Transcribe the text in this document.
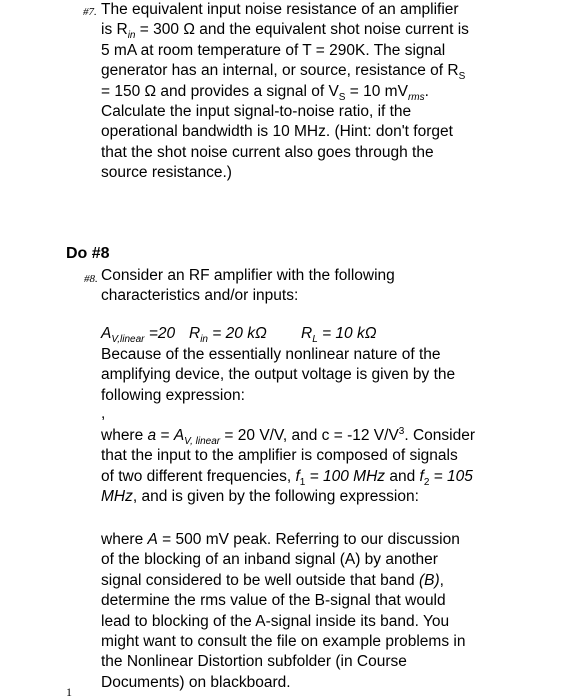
#7. The equivalent input noise resistance of an amplifier
is $R_{in} = 300$ Ω and the equivalent shot noise current is
5 mA at room temperature of T = 290K. The signal
generator has an internal, or source, resistance of $R_S$
= 150 Ω and provides a signal of $V_S = 10$ $mV_{rms}$.
Calculate the input signal-to-noise ratio, if the
operational bandwidth is 10 MHz. (Hint: don't forget
that the shot noise current also goes through the
source resistance.)
Do #8
#8. Consider an RF amplifier with the following
characteristics and/or inputs:
$A_{V,linear} =20$ $R_{in} = 20$ kΩ $R_L = 10$ kΩ
Because of the essentially nonlinear nature of the
amplifying device, the output voltage is given by the
following expression:
,
where $a = A_{V, linear} = 20$ V/V, and c = -12 $V/V^3$. Consider
that the input to the amplifier is composed of signals
of two different frequencies, $f_1 = 100$ MHz and $f_2 = 105$
MHz, and is given by the following expression:
where A = 500 mV peak. Referring to our discussion
of the blocking of an inband signal (A) by another
signal considered to be well outside that band (B),
determine the rms value of the B-signal that would
lead to blocking of the A-signal inside its band. You
might want to consult the file on example problems in
the Nonlinear Distortion subfolder (in Course
Documents) on blackboard.
1
